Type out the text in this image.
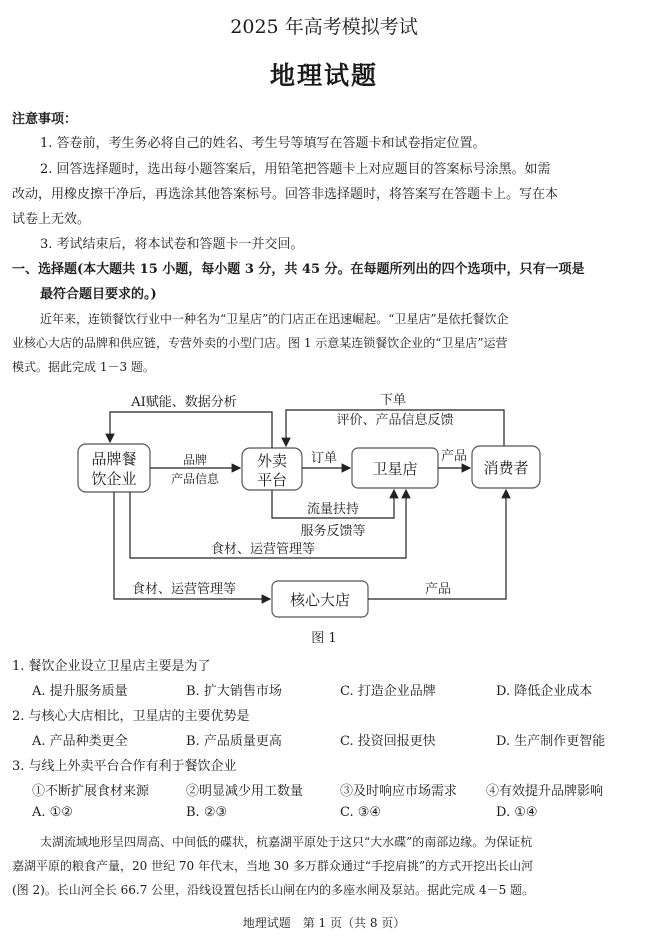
2025 年高考模拟考试
地理试题
注意事项：
1. 答卷前，考生务必将自己的姓名、考生号等填写在答题卡和试卷指定位置。
2. 回答选择题时，选出每小题答案后，用铅笔把答题卡上对应题目的答案标号涂黑。如需
改动，用橡皮擦干净后，再选涂其他答案标号。回答非选择题时，将答案写在答题卡上。写在本
试卷上无效。
3. 考试结束后，将本试卷和答题卡一并交回。
一、选择题(本大题共 15 小题，每小题 3 分，共 45 分。在每题所列出的四个选项中，只有一项是
最符合题目要求的。)
近年来，连锁餐饮行业中一种名为“卫星店”的门店正在迅速崛起。“卫星店”是依托餐饮企
业核心大店的品牌和供应链，专营外卖的小型门店。图 1 示意某连锁餐饮企业的“卫星店”运营
模式。据此完成 1－3 题。
品牌餐
饮企业
外卖
平台
卫星店	消费者
核心大店
AI赋能、数据分析	下单
评价、产品信息反馈
品牌
产品信息
订单	产品
流量扶持
服务反馈等
食材、运营管理等
食材、运营管理等	产品
图 1
1. 餐饮企业设立卫星店主要是为了
A. 提升服务质量	B. 扩大销售市场	C. 打造企业品牌	D. 降低企业成本
2. 与核心大店相比，卫星店的主要优势是
A. 产品种类更全	B. 产品质量更高	C. 投资回报更快	D. 生产制作更智能
3. 与线上外卖平台合作有利于餐饮企业
①不断扩展食材来源	②明显减少用工数量	③及时响应市场需求 ④有效提升品牌影响
A. ①②	B. ②③	C. ③④	D. ①④
太湖流域地形呈四周高、中间低的碟状，杭嘉湖平原处于这只“大水碟”的南部边缘。为保证杭
嘉湖平原的粮食产量，20 世纪 70 年代末，当地 30 多万群众通过“手挖肩挑”的方式开挖出长山河
(图 2)。长山河全长 66.7 公里，沿线设置包括长山闸在内的多座水闸及泵站。据此完成 4－5 题。
地理试题　第 1 页（共 8 页）
